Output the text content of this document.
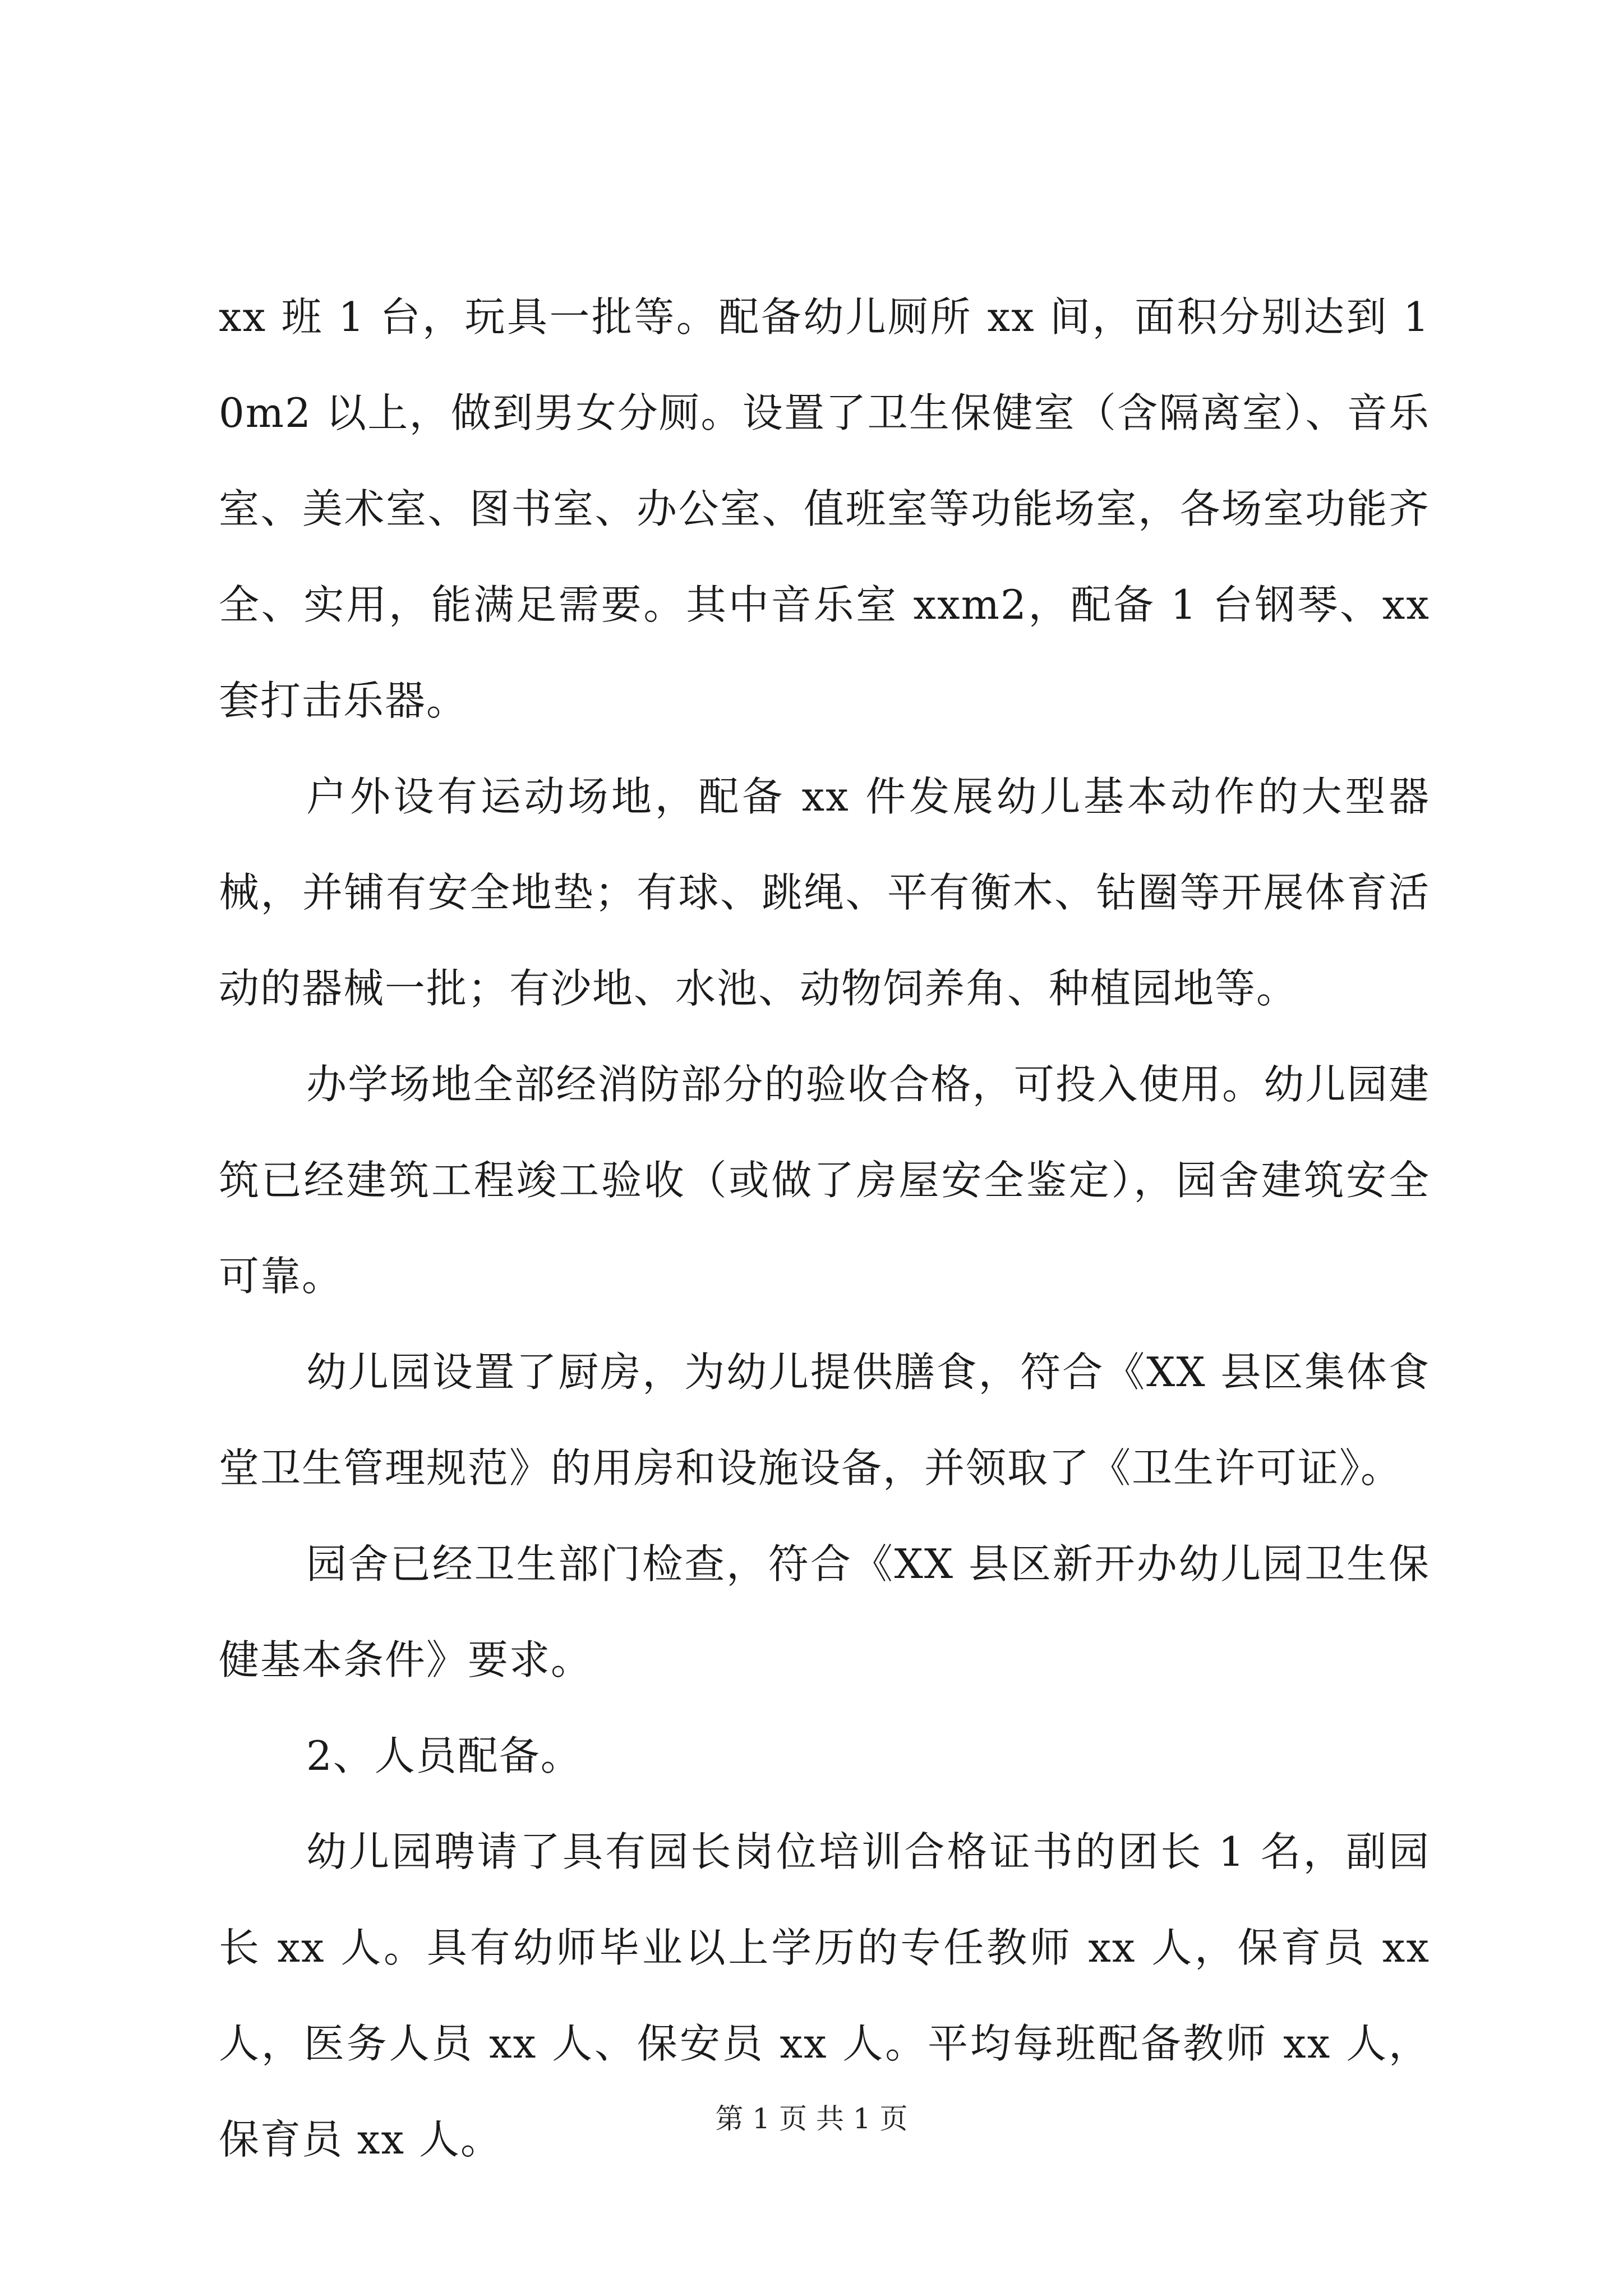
xx 班 1 台，玩具一批等。配备幼儿厕所 xx 间，面积分别达到 10m2 以上，做到男女分厕。设置了卫生保健室（含隔离室）、音乐室、美术室、图书室、办公室、值班室等功能场室，各场室功能齐全、实用，能满足需要。其中音乐室 xxm2，配备 1 台钢琴、xx 套打击乐器。

户外设有运动场地，配备 xx 件发展幼儿基本动作的大型器械，并铺有安全地垫；有球、跳绳、平有衡木、钻圈等开展体育活动的器械一批；有沙地、水池、动物饲养角、种植园地等。

办学场地全部经消防部分的验收合格，可投入使用。幼儿园建筑已经建筑工程竣工验收（或做了房屋安全鉴定），园舍建筑安全可靠。

幼儿园设置了厨房，为幼儿提供膳食，符合《XX 县区集体食堂卫生管理规范》的用房和设施设备，并领取了《卫生许可证》。

园舍已经卫生部门检查，符合《XX 县区新开办幼儿园卫生保健基本条件》要求。

2、人员配备。

幼儿园聘请了具有园长岗位培训合格证书的团长 1 名，副园长 xx 人。具有幼师毕业以上学历的专任教师 xx 人，保育员 xx 人，医务人员 xx 人、保安员 xx 人。平均每班配备教师 xx 人，保育员 xx 人。	第 1 页 共 1 页
